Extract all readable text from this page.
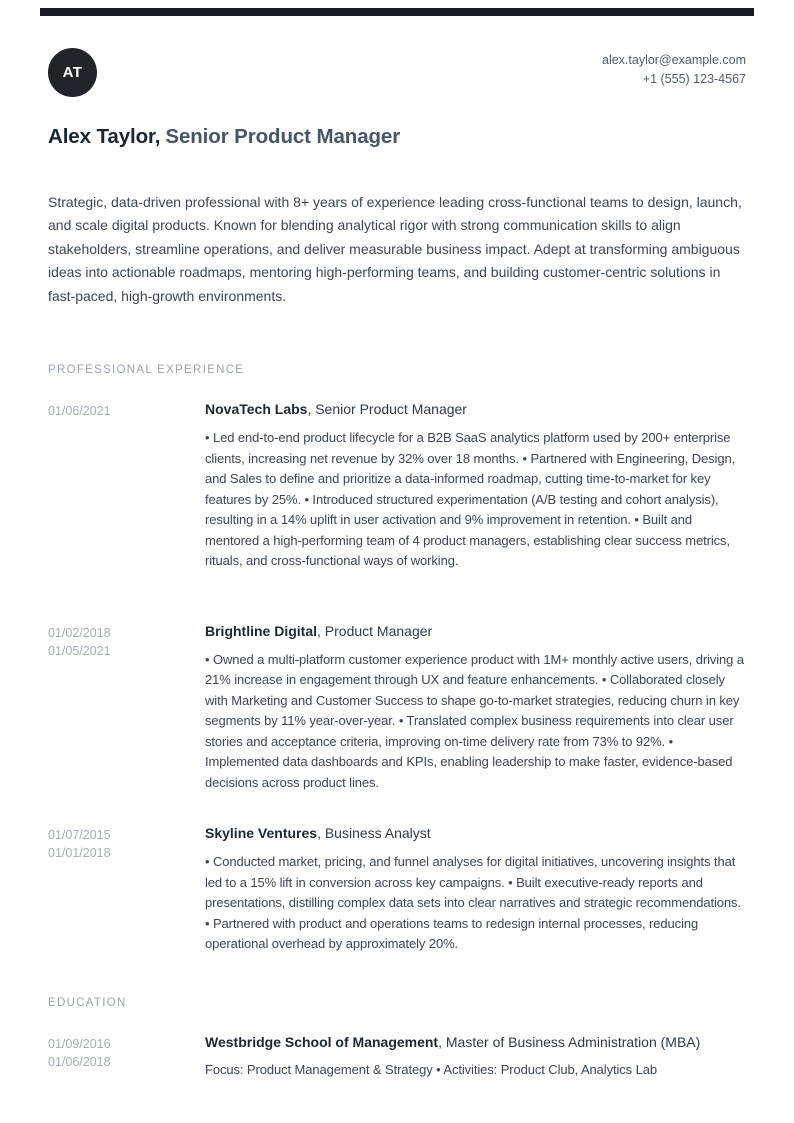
AT
alex.taylor@example.com
+1 (555) 123-4567
Alex Taylor, Senior Product Manager

Strategic, data-driven professional with 8+ years of experience leading cross-functional teams to design, launch, and scale digital products. Known for blending analytical rigor with strong communication skills to align stakeholders, streamline operations, and deliver measurable business impact. Adept at transforming ambiguous ideas into actionable roadmaps, mentoring high-performing teams, and building customer-centric solutions in fast-paced, high-growth environments.

PROFESSIONAL EXPERIENCE
01/06/2021	NovaTech Labs, Senior Product Manager

• Led end-to-end product lifecycle for a B2B SaaS analytics platform used by 200+ enterprise clients, increasing net revenue by 32% over 18 months. • Partnered with Engineering, Design, and Sales to define and prioritize a data-informed roadmap, cutting time-to-market for key features by 25%. • Introduced structured experimentation (A/B testing and cohort analysis), resulting in a 14% uplift in user activation and 9% improvement in retention. • Built and mentored a high-performing team of 4 product managers, establishing clear success metrics, rituals, and cross-functional ways of working.

01/02/2018
01/05/2021
Brightline Digital, Product Manager

• Owned a multi-platform customer experience product with 1M+ monthly active users, driving a 21% increase in engagement through UX and feature enhancements. • Collaborated closely with Marketing and Customer Success to shape go-to-market strategies, reducing churn in key segments by 11% year-over-year. • Translated complex business requirements into clear user stories and acceptance criteria, improving on-time delivery rate from 73% to 92%. • Implemented data dashboards and KPIs, enabling leadership to make faster, evidence-based decisions across product lines.

01/07/2015
01/01/2018
Skyline Ventures, Business Analyst

• Conducted market, pricing, and funnel analyses for digital initiatives, uncovering insights that led to a 15% lift in conversion across key campaigns. • Built executive-ready reports and presentations, distilling complex data sets into clear narratives and strategic recommendations. • Partnered with product and operations teams to redesign internal processes, reducing operational overhead by approximately 20%.

EDUCATION
01/09/2016
01/06/2018
Westbridge School of Management, Master of Business Administration (MBA)

Focus: Product Management & Strategy • Activities: Product Club, Analytics Lab
